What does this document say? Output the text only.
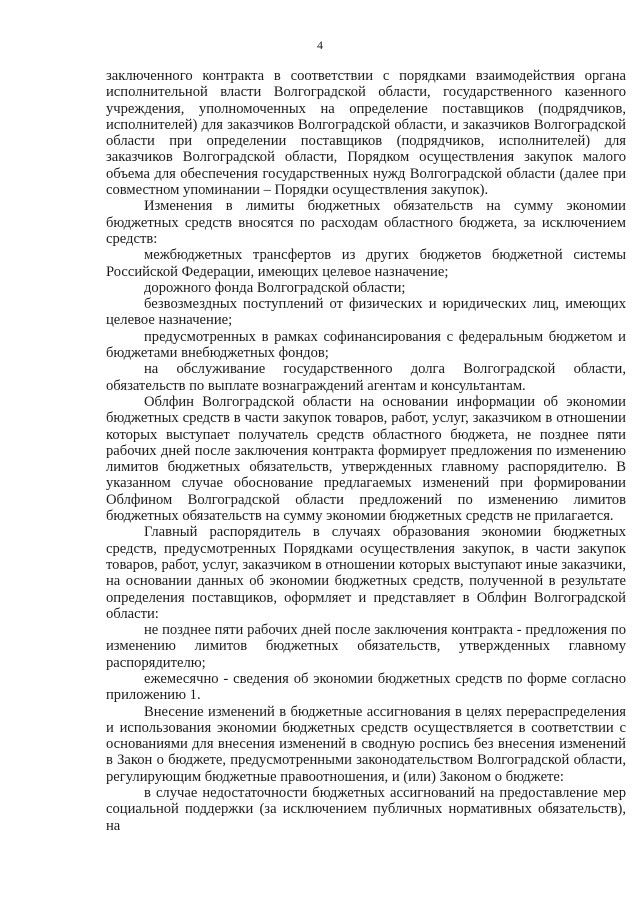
4

заключенного контракта в соответствии с порядками взаимодействия органа исполнительной власти Волгоградской области, государственного казенного учреждения, уполномоченных на определение поставщиков (подрядчиков, исполнителей) для заказчиков Волгоградской области, и заказчиков Волгоградской области при определении поставщиков (подрядчиков, исполнителей) для заказчиков Волгоградской области, Порядком осуществления закупок малого объема для обеспечения государственных нужд Волгоградской области (далее при совместном упоминании – Порядки осуществления закупок).

Изменения в лимиты бюджетных обязательств на сумму экономии бюджетных средств вносятся по расходам областного бюджета, за исключением средств:

межбюджетных трансфертов из других бюджетов бюджетной системы Российской Федерации, имеющих целевое назначение;

дорожного фонда Волгоградской области;

безвозмездных поступлений от физических и юридических лиц, имеющих целевое назначение;

предусмотренных в рамках софинансирования с федеральным бюджетом и бюджетами внебюджетных фондов;

на обслуживание государственного долга Волгоградской области, обязательств по выплате вознаграждений агентам и консультантам.

Облфин Волгоградской области на основании информации об экономии бюджетных средств в части закупок товаров, работ, услуг, заказчиком в отношении которых выступает получатель средств областного бюджета, не позднее пяти рабочих дней после заключения контракта формирует предложения по изменению лимитов бюджетных обязательств, утвержденных главному распорядителю. В указанном случае обоснование предлагаемых изменений при формировании Облфином Волгоградской области предложений по изменению лимитов бюджетных обязательств на сумму экономии бюджетных средств не прилагается.

Главный распорядитель в случаях образования экономии бюджетных средств, предусмотренных Порядками осуществления закупок, в части закупок товаров, работ, услуг, заказчиком в отношении которых выступают иные заказчики, на основании данных об экономии бюджетных средств, полученной в результате определения поставщиков, оформляет и представляет в Облфин Волгоградской области:

не позднее пяти рабочих дней после заключения контракта - предложения по изменению лимитов бюджетных обязательств, утвержденных главному распорядителю;

ежемесячно - сведения об экономии бюджетных средств по форме согласно приложению 1.

Внесение изменений в бюджетные ассигнования в целях перераспределения и использования экономии бюджетных средств осуществляется в соответствии с основаниями для внесения изменений в сводную роспись без внесения изменений в Закон о бюджете, предусмотренными законодательством Волгоградской области, регулирующим бюджетные правоотношения, и (или) Законом о бюджете:

в случае недостаточности бюджетных ассигнований на предоставление мер социальной поддержки (за исключением публичных нормативных обязательств), на
